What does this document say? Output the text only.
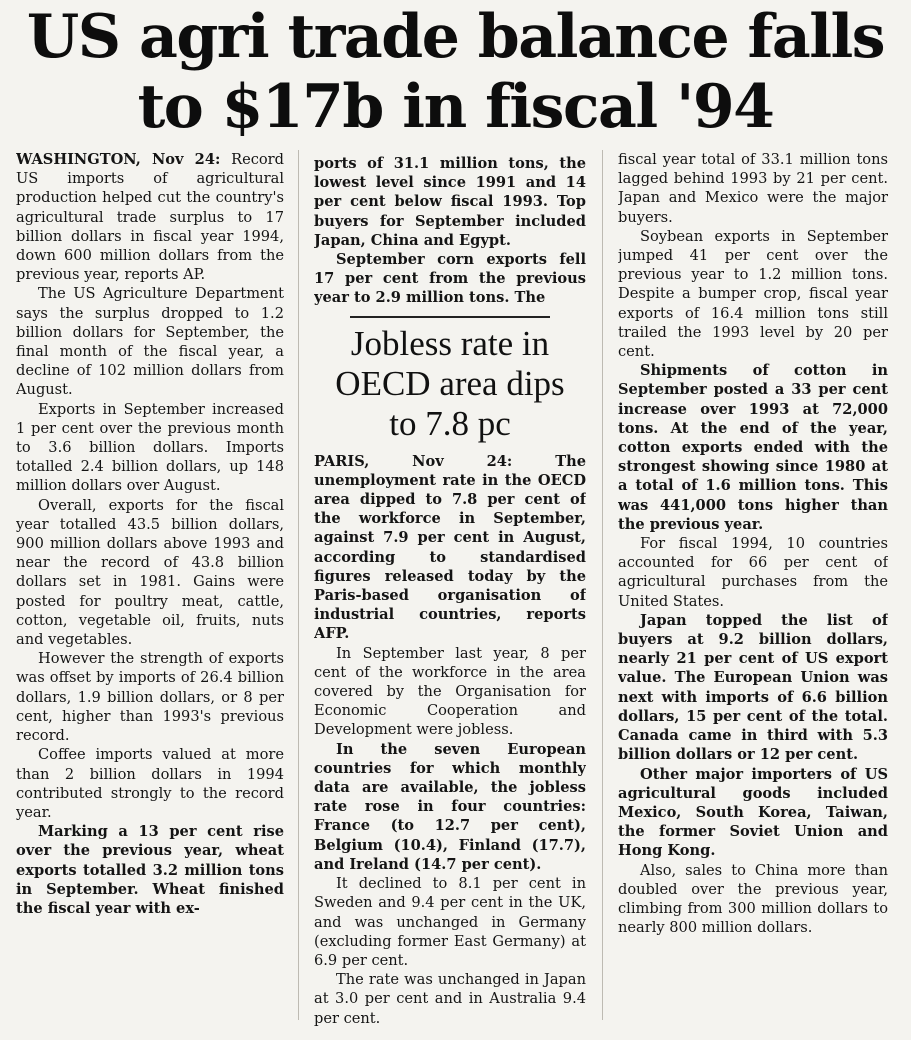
US agri trade balance falls
to $17b in fiscal '94

WASHINGTON, Nov 24: Record US imports of agricultural production helped cut the country's agricultural trade surplus to 17 billion dollars in fiscal year 1994, down 600 million dollars from the previous year, reports AP.

The US Agriculture Department says the surplus dropped to 1.2 billion dollars for September, the final month of the fiscal year, a decline of 102 million dollars from August.

Exports in September increased 1 per cent over the previous month to 3.6 billion dollars. Imports totalled 2.4 billion dollars, up 148 million dollars over August.

Overall, exports for the fiscal year totalled 43.5 billion dollars, 900 million dollars above 1993 and near the record of 43.8 billion dollars set in 1981. Gains were posted for poultry meat, cattle, cotton, vegetable oil, fruits, nuts and vegetables.

However the strength of exports was offset by imports of 26.4 billion dollars, 1.9 billion dollars, or 8 per cent, higher than 1993's previous record.

Coffee imports valued at more than 2 billion dollars in 1994 contributed strongly to the record year.

Marking a 13 per cent rise over the previous year, wheat exports totalled 3.2 million tons in September. Wheat finished the fiscal year with ex-

ports of 31.1 million tons, the lowest level since 1991 and 14 per cent below fiscal 1993. Top buyers for September included Japan, China and Egypt.

September corn exports fell 17 per cent from the previous year to 2.9 million tons. The

Jobless rate in
OECD area dips
to 7.8 pc

PARIS, Nov 24:	The unemployment rate in the OECD area dipped to 7.8 per cent of the workforce in September, against 7.9 per cent in August, according to standardised figures released today by the Paris-based organisation of industrial countries, reports AFP.

In September last year, 8 per cent of the workforce in the area covered by the Organisation for Economic Cooperation and Development were jobless.

In the seven European countries for which monthly data are available, the jobless rate rose in four countries: France (to 12.7 per cent), Belgium (10.4), Finland (17.7), and Ireland (14.7 per cent).

It declined to 8.1 per cent in Sweden and 9.4 per cent in the UK, and was unchanged in Germany (excluding former East Germany) at 6.9 per cent.

The rate was unchanged in Japan at 3.0 per cent and in Australia 9.4 per cent.

fiscal year total of 33.1 million tons lagged behind 1993 by 21 per cent. Japan and Mexico were the major buyers.

Soybean exports in September jumped 41 per cent over the previous year to 1.2 million tons. Despite a bumper crop, fiscal year exports of 16.4 million tons still trailed the 1993 level by 20 per cent.

Shipments of cotton in September posted a 33 per cent increase over 1993 at 72,000 tons. At the end of the year, cotton exports ended with the strongest showing since 1980 at a total of 1.6 million tons. This was 441,000 tons higher than the previous year.

For fiscal 1994, 10 countries accounted for 66 per cent of agricultural purchases from the United States.

Japan topped the list of buyers at 9.2 billion dollars, nearly 21 per cent of US export value. The European Union was next with imports of 6.6 billion dollars, 15 per cent of the total. Canada came in third with 5.3 billion dollars or 12 per cent.

Other major importers of US agricultural goods included Mexico, South Korea, Taiwan, the former Soviet Union and Hong Kong.

Also, sales to China more than doubled over the previous year, climbing from 300 million dollars to nearly 800 million dollars.
